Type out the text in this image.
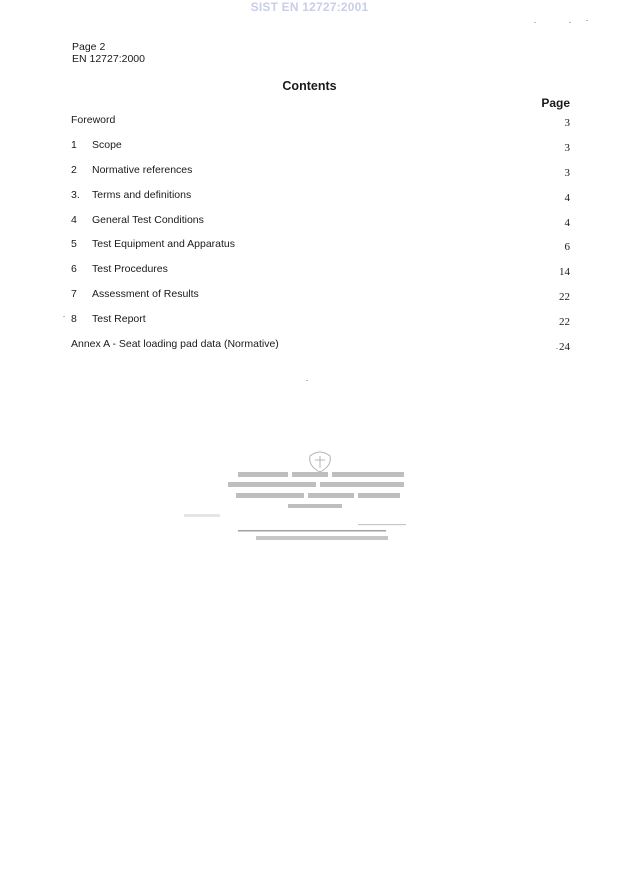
SIST EN 12727:2001
Page 2
EN 12727:2000
Contents
Page
Foreword	3
1 Scope	3
2 Normative references	3
3. Terms and definitions	4
4 General Test Conditions	4
5 Test Equipment and Apparatus	6
6 Test Procedures	14
7 Assessment of Results	22
8 Test Report	22
Annex A - Seat loading pad data (Normative)	24
